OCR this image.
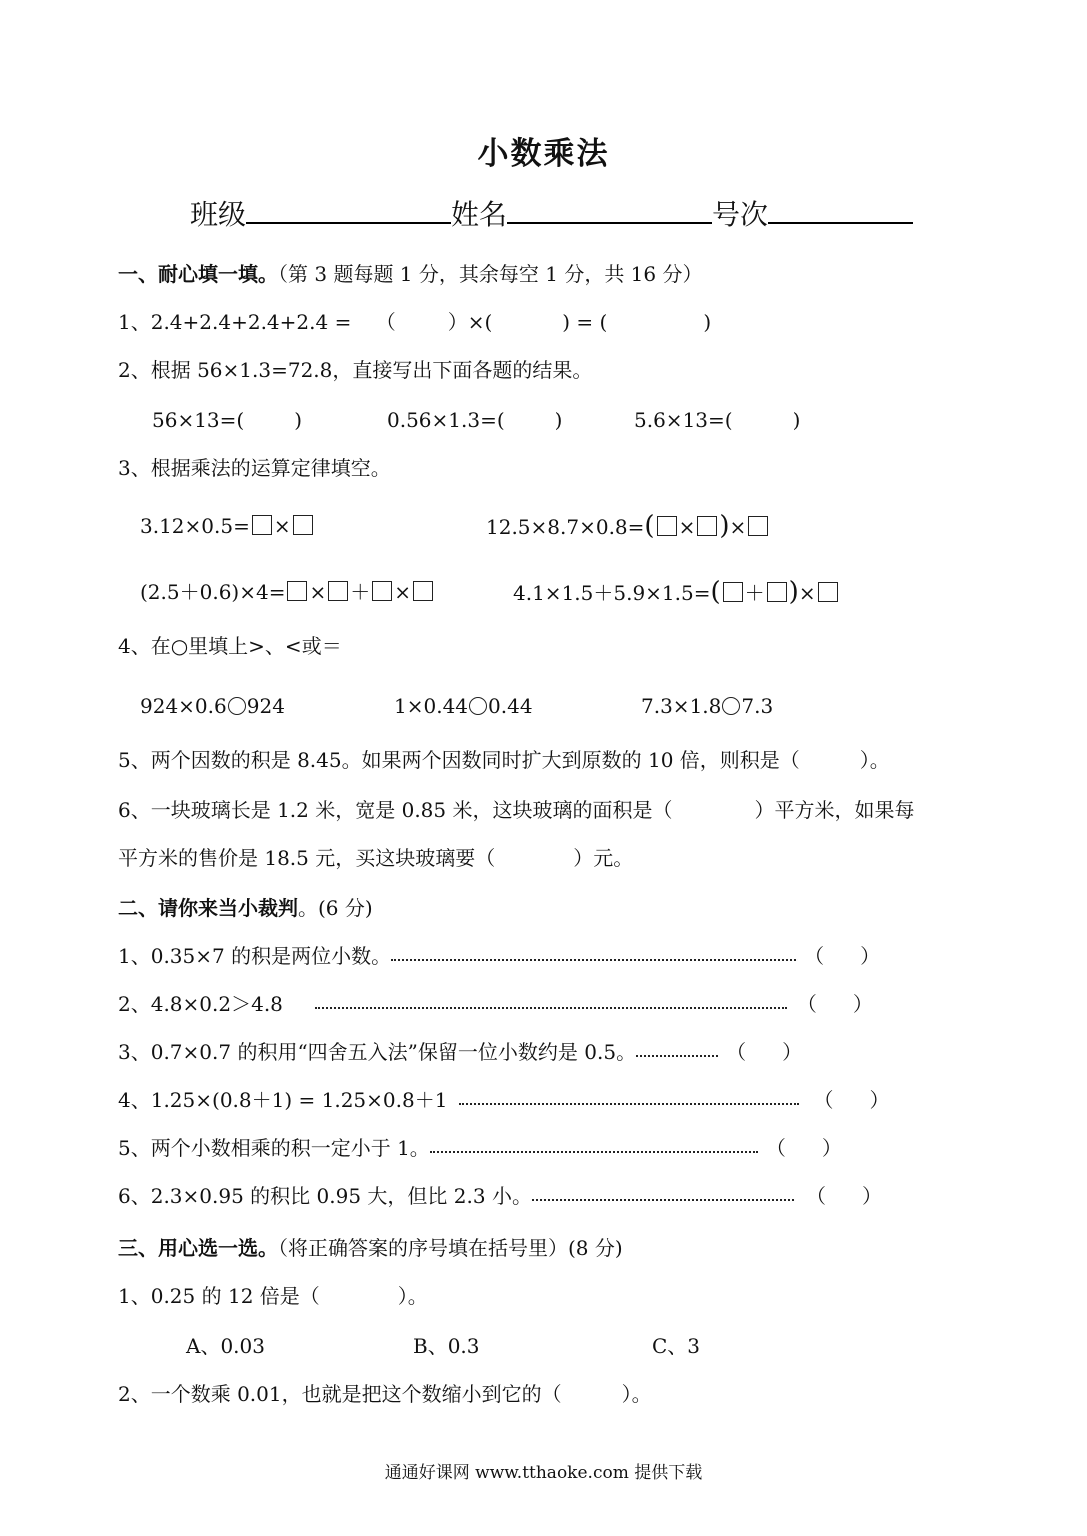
小数乘法
班级	姓名	号次
一、耐心填一填。（第 3 题每题 1 分，其余每空 1 分，共 16 分）
1、2.4+2.4+2.4+2.4 = （	）×(	) = (	)
2、根据 56×1.3=72.8，直接写出下面各题的结果。
56×13=(	)	0.56×1.3=(	)	5.6×13=(	)
3、根据乘法的运算定律填空。
3.12×0.5= ×	12.5×8.7×0.8=( × )×
(2.5＋0.6)×4= × ＋ ×	4.1×1.5＋5.9×1.5=( ＋ )×
4、在○里填上>、<或＝
924×0.6 924	1×0.44 0.44	7.3×1.8 7.3
5、两个因数的积是 8.45。如果两个因数同时扩大到原数的 10 倍，则积是（	）。
6、一块玻璃长是 1.2 米，宽是 0.85 米，这块玻璃的面积是（	）平方米，如果每
平方米的售价是 18.5 元，买这块玻璃要（	）元。
二、请你来当小裁判。(6 分)
1、0.35×7 的积是两位小数。	（ ）
2、4.8×0.2＞4.8	（ ）
3、0.7×0.7 的积用“四舍五入法”保留一位小数约是 0.5。	（ ）
4、1.25×(0.8＋1) = 1.25×0.8＋1	（ ）
5、两个小数相乘的积一定小于 1。	（ ）
6、2.3×0.95 的积比 0.95 大，但比 2.3 小。	（ ）
三、用心选一选。（将正确答案的序号填在括号里）(8 分)
1、0.25 的 12 倍是（	）。
A、0.03	B、0.3	C、3
2、一个数乘 0.01，也就是把这个数缩小到它的（	）。
通通好课网 www.tthaoke.com 提供下载
